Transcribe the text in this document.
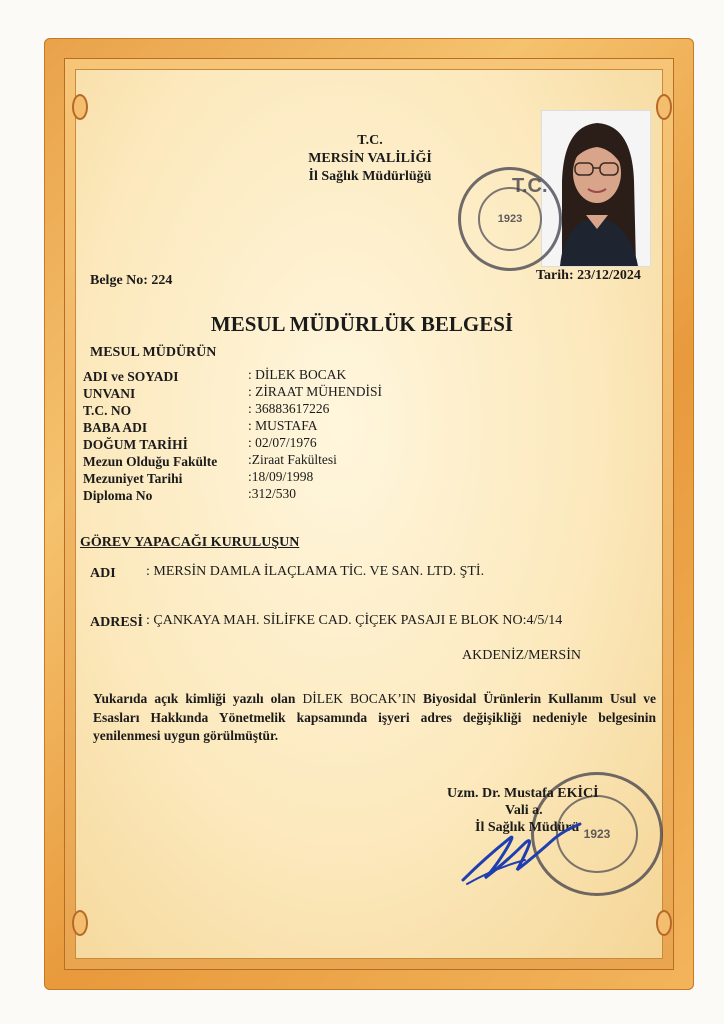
1923
T.C.
T.C.
MERSİN VALİLİĞİ
İl Sağlık Müdürlüğü
Belge No: 224	Tarih: 23/12/2024
MESUL MÜDÜRLÜK BELGESİ
MESUL MÜDÜRÜN
ADI ve SOYADI	: DİLEK BOCAK
UNVANI	: ZİRAAT MÜHENDİSİ
T.C. NO	: 36883617226
BABA ADI	: MUSTAFA
DOĞUM TARİHİ	: 02/07/1976
Mezun Olduğu Fakülte :Ziraat Fakültesi
Mezuniyet Tarihi	:18/09/1998
Diploma No	:312/530
GÖREV YAPACAĞI KURULUŞUN
ADI : MERSİN DAMLA İLAÇLAMA TİC. VE SAN. LTD. ŞTİ.
ADRESİ : ÇANKAYA MAH. SİLİFKE CAD. ÇİÇEK PASAJI E BLOK NO:4/5/14
AKDENİZ/MERSİN
Yukarıda açık kimliği yazılı olan DİLEK BOCAK’IN Biyosidal Ürünlerin Kullanım Usul ve Esasları Hakkında Yönetmelik kapsamında işyeri adres değişikliği nedeniyle belgesinin yenilenmesi uygun görülmüştür.
1923
Uzm. Dr. Mustafa EKİCİ
Vali a.
İl Sağlık Müdürü
